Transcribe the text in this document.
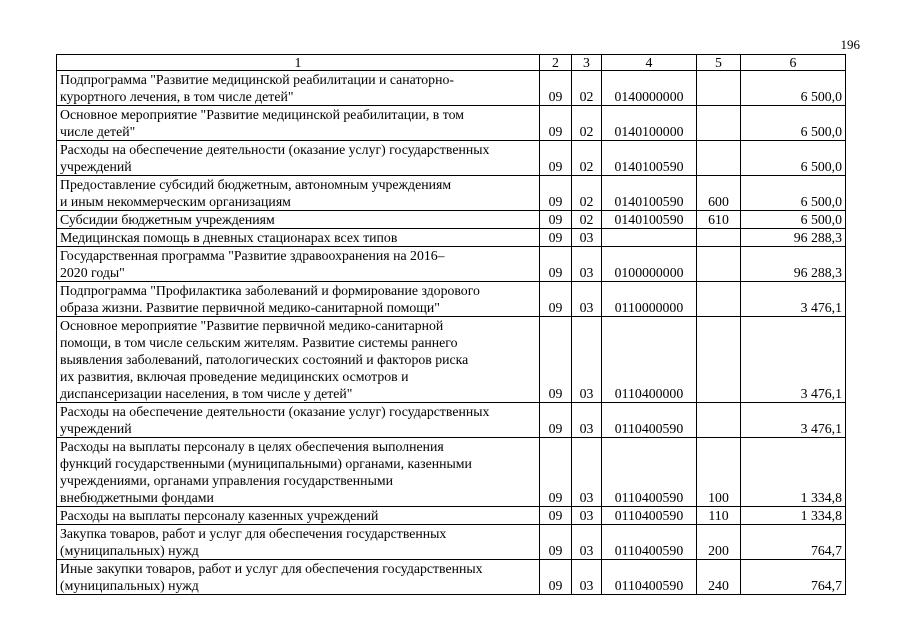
196
1	2	3	4	5	6

Подпрограмма "Развитие медицинской реабилитации и санаторно-
курортного лечения, в том числе детей"	09	02	0140000000		6 500,0

Основное мероприятие "Развитие медицинской реабилитации, в том
числе детей"	09	02	0140100000		6 500,0

Расходы на обеспечение деятельности (оказание услуг) государственных
учреждений	09	02	0140100590		6 500,0

Предоставление субсидий бюджетным, автономным учреждениям
и иным некоммерческим организациям	09	02	0140100590	600	6 500,0

Субсидии бюджетным учреждениям	09	02	0140100590	610	6 500,0

Медицинская помощь в дневных стационарах всех типов	09	03			96 288,3

Государственная программа "Развитие здравоохранения на 2016–
2020 годы"	09	03	0100000000		96 288,3

Подпрограмма "Профилактика заболеваний и формирование здорового
образа жизни. Развитие первичной медико-санитарной помощи"	09	03	0110000000		3 476,1

Основное мероприятие "Развитие первичной медико-санитарной
помощи, в том числе сельским жителям. Развитие системы раннего
выявления заболеваний, патологических состояний и факторов риска
их развития, включая проведение медицинских осмотров и
диспансеризации населения, в том числе у детей"	09	03	0110400000		3 476,1

Расходы на обеспечение деятельности (оказание услуг) государственных
учреждений	09	03	0110400590		3 476,1

Расходы на выплаты персоналу в целях обеспечения выполнения
функций государственными (муниципальными) органами, казенными
учреждениями, органами управления государственными
внебюджетными фондами	09	03	0110400590	100	1 334,8

Расходы на выплаты персоналу казенных учреждений	09	03	0110400590	110	1 334,8

Закупка товаров, работ и услуг для обеспечения государственных
(муниципальных) нужд	09	03	0110400590	200	764,7

Иные закупки товаров, работ и услуг для обеспечения государственных
(муниципальных) нужд	09	03	0110400590	240	764,7
